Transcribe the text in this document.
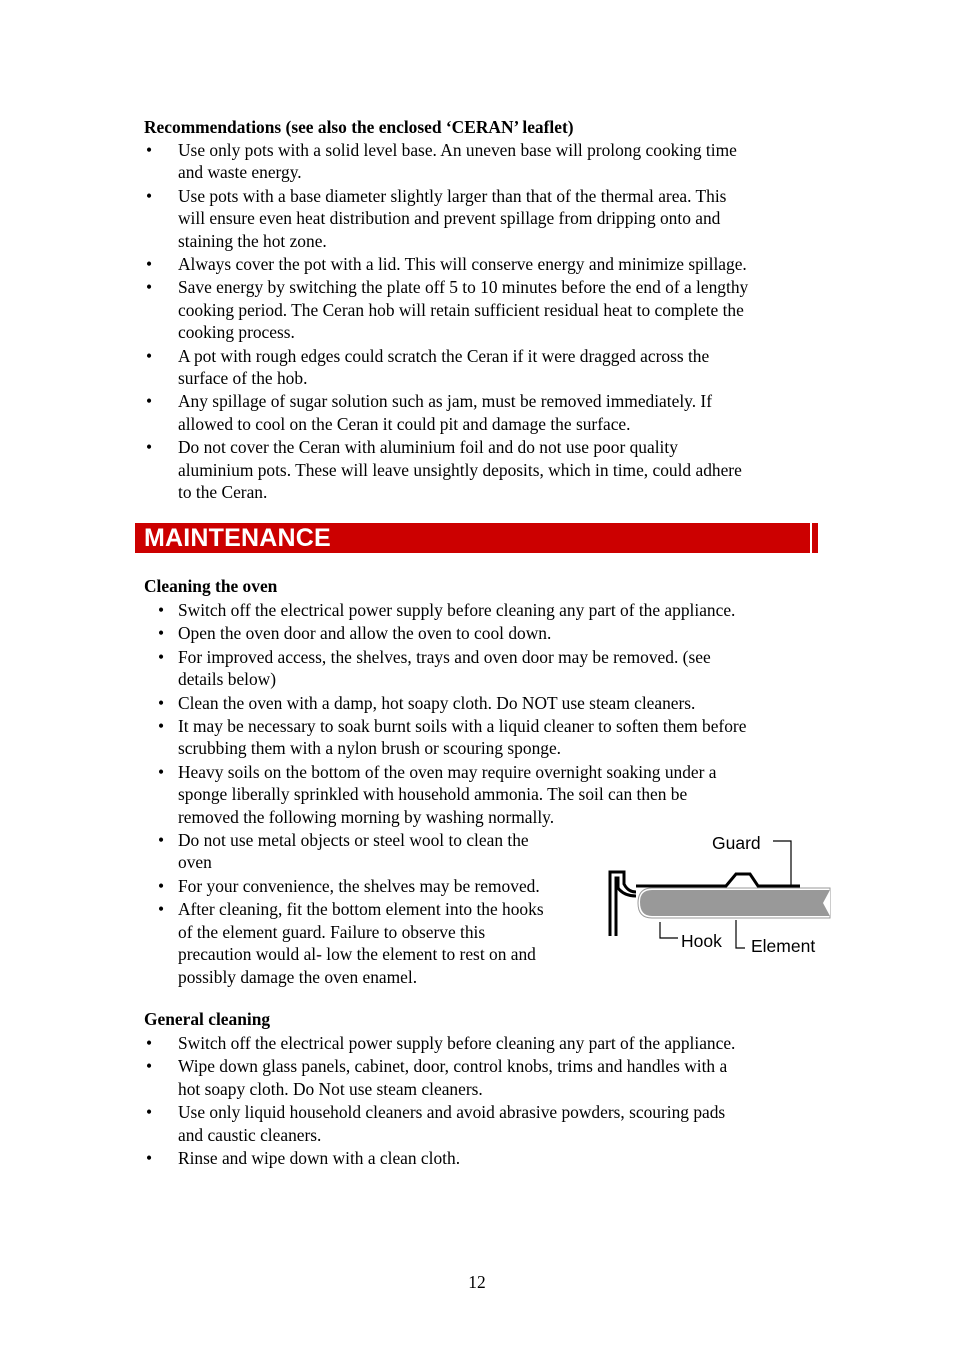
Recommendations (see also the enclosed ‘CERAN’ leaflet)
• Use only pots with a solid level base. An uneven base will prolong cooking time
and waste energy.
• Use pots with a base diameter slightly larger than that of the thermal area. This
will ensure even heat distribution and prevent spillage from dripping onto and
staining the hot zone.
• Always cover the pot with a lid. This will conserve energy and minimize spillage.
• Save energy by switching the plate off 5 to 10 minutes before the end of a lengthy
cooking period. The Ceran hob will retain sufficient residual heat to complete the
cooking process.
• A pot with rough edges could scratch the Ceran if it were dragged across the
surface of the hob.
• Any spillage of sugar solution such as jam, must be removed immediately. If
allowed to cool on the Ceran it could pit and damage the surface.
• Do not cover the Ceran with aluminium foil and do not use poor quality
aluminium pots. These will leave unsightly deposits, which in time, could adhere
to the Ceran.
MAINTENANCE
Cleaning the oven
• Switch off the electrical power supply before cleaning any part of the appliance.
• Open the oven door and allow the oven to cool down.
• For improved access, the shelves, trays and oven door may be removed. (see
details below)
• Clean the oven with a damp, hot soapy cloth. Do NOT use steam cleaners.
• It may be necessary to soak burnt soils with a liquid cleaner to soften them before
scrubbing them with a nylon brush or scouring sponge.
• Heavy soils on the bottom of the oven may require overnight soaking under a
sponge liberally sprinkled with household ammonia. The soil can then be
removed the following morning by washing normally.
• Do not use metal objects or steel wool to clean the
oven
• For your convenience, the shelves may be removed.
• After cleaning, fit the bottom element into the hooks
of the element guard. Failure to observe this
precaution would al- low the element to rest on and
possibly damage the oven enamel.
Guard
Hook Element
General cleaning
• Switch off the electrical power supply before cleaning any part of the appliance.
• Wipe down glass panels, cabinet, door, control knobs, trims and handles with a
hot soapy cloth. Do Not use steam cleaners.
• Use only liquid household cleaners and avoid abrasive powders, scouring pads
and caustic cleaners.
• Rinse and wipe down with a clean cloth.
12
